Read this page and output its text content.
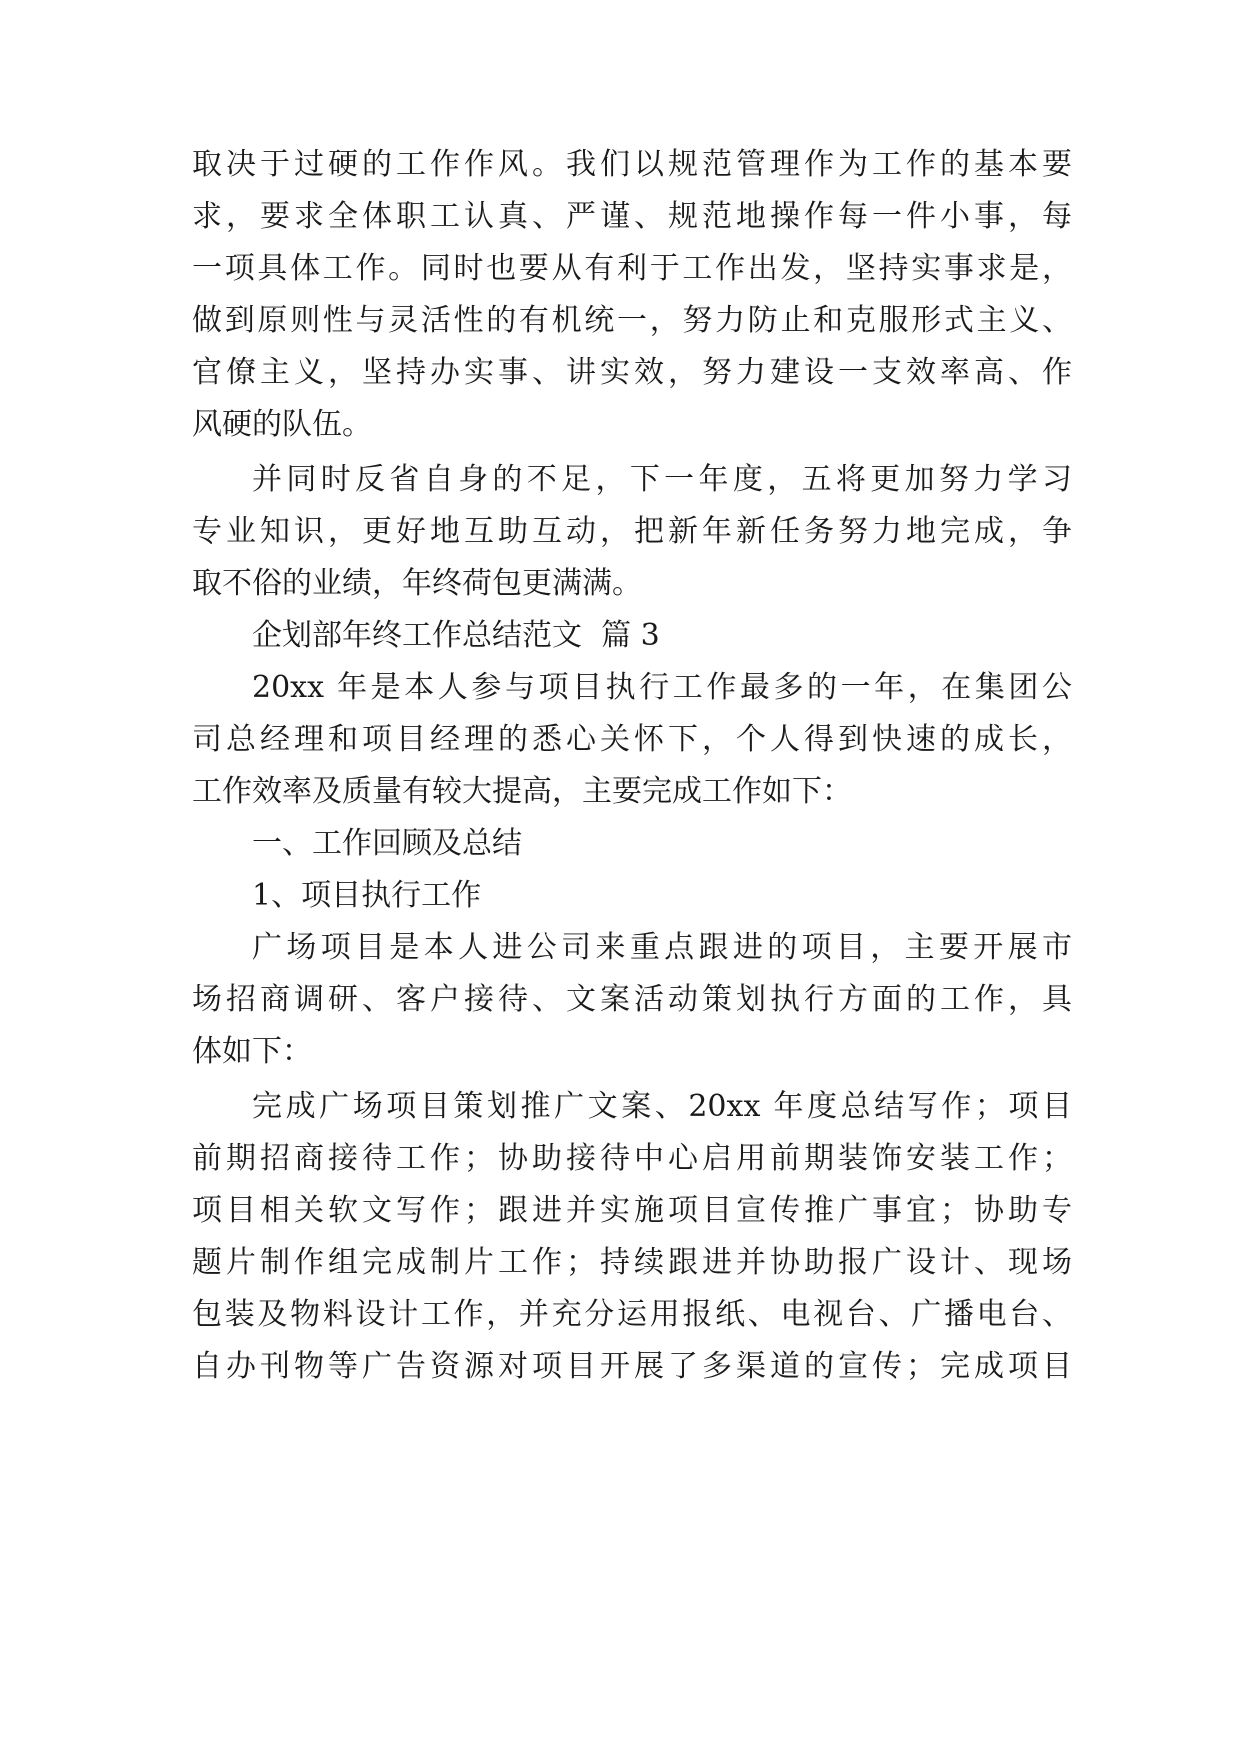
取决于过硬的工作作风。我们以规范管理作为工作的基本要
求，要求全体职工认真、严谨、规范地操作每一件小事，每
一项具体工作。同时也要从有利于工作出发，坚持实事求是，
做到原则性与灵活性的有机统一，努力防止和克服形式主义、
官僚主义，坚持办实事、讲实效，努力建设一支效率高、作
风硬的队伍。
并同时反省自身的不足，下一年度，五将更加努力学习
专业知识，更好地互助互动，把新年新任务努力地完成，争
取不俗的业绩，年终荷包更满满。
企划部年终工作总结范文  篇 3
20xx 年是本人参与项目执行工作最多的一年，在集团公
司总经理和项目经理的悉心关怀下，个人得到快速的成长，
工作效率及质量有较大提高，主要完成工作如下：
一、工作回顾及总结
1、项目执行工作
广场项目是本人进公司来重点跟进的项目，主要开展市
场招商调研、客户接待、文案活动策划执行方面的工作，具
体如下：
完成广场项目策划推广文案、20xx 年度总结写作；项目
前期招商接待工作；协助接待中心启用前期装饰安装工作；
项目相关软文写作；跟进并实施项目宣传推广事宜；协助专
题片制作组完成制片工作；持续跟进并协助报广设计、现场
包装及物料设计工作，并充分运用报纸、电视台、广播电台、
自办刊物等广告资源对项目开展了多渠道的宣传；完成项目
